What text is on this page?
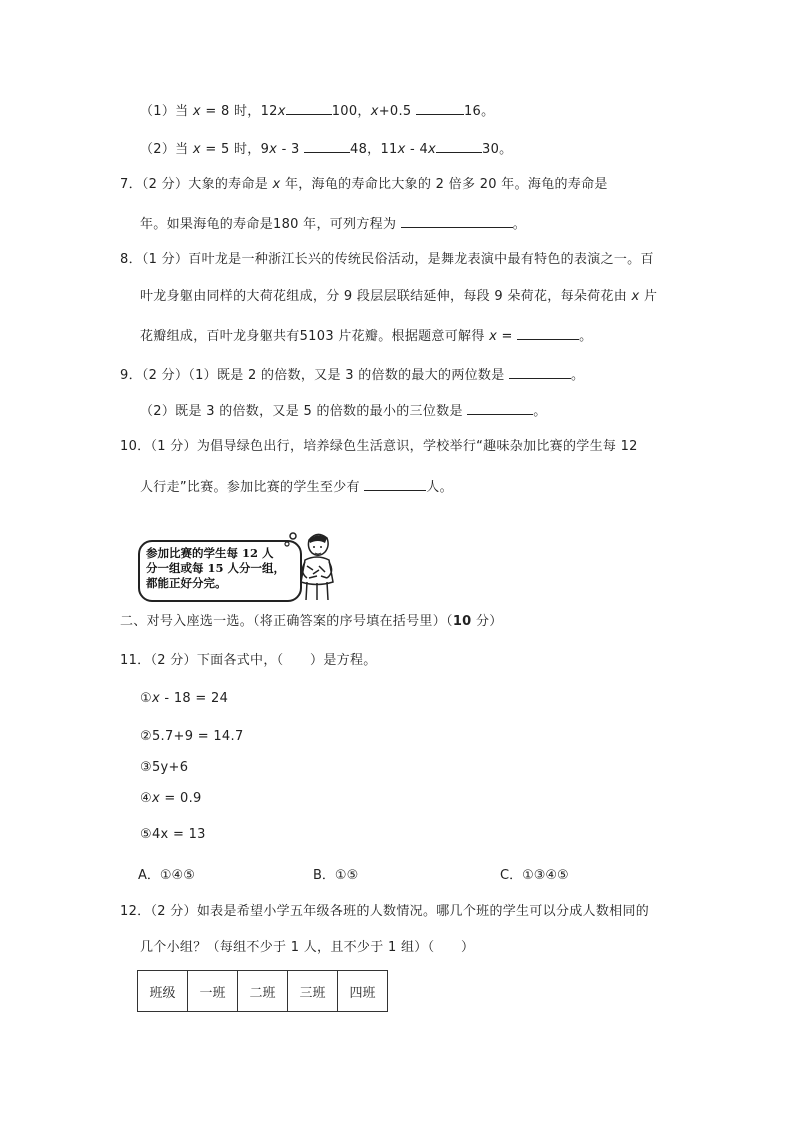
（1）当 x = 8 时，12x	100，x+0.5	16。
（2）当 x = 5 时，9x - 3	48，11x - 4x	30。
7．（2 分）大象的寿命是 x 年，海龟的寿命比大象的 2 倍多 20 年。海龟的寿命是
年。如果海龟的寿命是180 年，可列方程为	。
8．（1 分）百叶龙是一种浙江长兴的传统民俗活动，是舞龙表演中最有特色的表演之一。百
叶龙身躯由同样的大荷花组成，分 9 段层层联结延伸，每段 9 朵荷花，每朵荷花由 x 片
花瓣组成，百叶龙身躯共有5103 片花瓣。根据题意可解得 x =	。
9．（2 分）（1）既是 2 的倍数，又是 3 的倍数的最大的两位数是	。
（2）既是 3 的倍数，又是 5 的倍数的最小的三位数是	。
10．（1 分）为倡导绿色出行，培养绿色生活意识，学校举行“趣味杂加比赛的学生每 12
人行走”比赛。参加比赛的学生至少有	人。
参加比赛的学生每 12 人
分一组或每 15 人分一组，
都能正好分完。
二、对号入座选一选。（将正确答案的序号填在括号里）（10 分）
11．（2 分）下面各式中，（　　）是方程。
①x - 18 = 24
②5.7+9 = 14.7
③5y+6
④x = 0.9
⑤4x = 13
A．①④⑤	B．①⑤	C．①③④⑤
12．（2 分）如表是希望小学五年级各班的人数情况。哪几个班的学生可以分成人数相同的
几个小组？（每组不少于 1 人，且不少于 1 组）（　　）
班级	一班	二班	三班	四班
